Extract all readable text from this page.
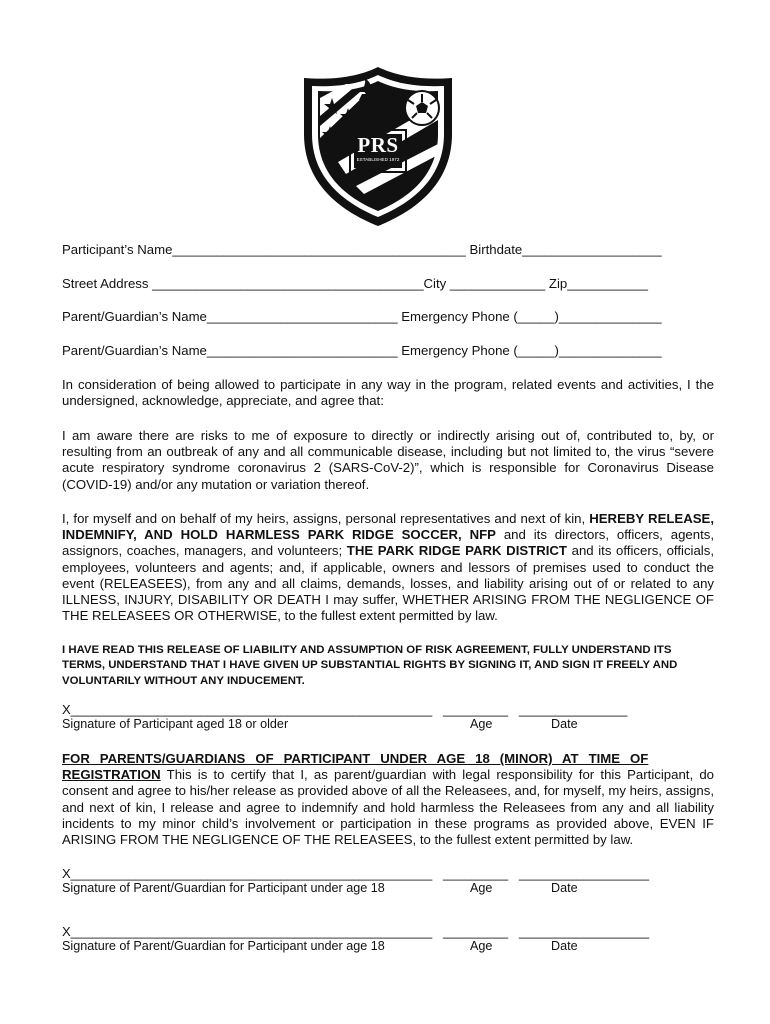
PRS
ESTABLISHED 1972
Participant’s Name________________________________________ Birthdate___________________
Street Address _____________________________________City _____________ Zip___________
Parent/Guardian’s Name__________________________ Emergency Phone (_____)______________
Parent/Guardian’s Name__________________________ Emergency Phone (_____)______________
In consideration of being allowed to participate in any way in the program, related events and activities, I the undersigned, acknowledge, appreciate, and agree that:
I am aware there are risks to me of exposure to directly or indirectly arising out of, contributed to, by, or resulting from an outbreak of any and all communicable disease, including but not limited to, the virus “severe acute respiratory syndrome coronavirus 2 (SARS-CoV-2)”, which is responsible for Coronavirus Disease (COVID-19) and/or any mutation or variation thereof.
I, for myself and on behalf of my heirs, assigns, personal representatives and next of kin, HEREBY RELEASE, INDEMNIFY, AND HOLD HARMLESS PARK RIDGE SOCCER, NFP and its directors, officers, agents, assignors, coaches, managers, and volunteers; THE PARK RIDGE PARK DISTRICT and its officers, officials, employees, volunteers and agents; and, if applicable, owners and lessors of premises used to conduct the event (RELEASEES), from any and all claims, demands, losses, and liability arising out of or related to any ILLNESS, INJURY, DISABILITY OR DEATH I may suffer, WHETHER ARISING FROM THE NEGLIGENCE OF THE RELEASEES OR OTHERWISE, to the fullest extent permitted by law.
I HAVE READ THIS RELEASE OF LIABILITY AND ASSUMPTION OF RISK AGREEMENT, FULLY UNDERSTAND ITS TERMS, UNDERSTAND THAT I HAVE GIVEN UP SUBSTANTIAL RIGHTS BY SIGNING IT, AND SIGN IT FREELY AND VOLUNTARILY WITHOUT ANY INDUCEMENT.
X__________________________________________________   _________   _______________
Signature of Participant aged 18 or older	Age	Date
FOR PARENTS/GUARDIANS OF PARTICIPANT UNDER AGE 18 (MINOR) AT TIME OF
REGISTRATION This is to certify that I, as parent/guardian with legal responsibility for this Participant, do consent and agree to his/her release as provided above of all the Releasees, and, for myself, my heirs, assigns, and next of kin, I release and agree to indemnify and hold harmless the Releasees from any and all liability incidents to my minor child’s involvement or participation in these programs as provided above, EVEN IF ARISING FROM THE NEGLIGENCE OF THE RELEASEES, to the fullest extent permitted by law.
X__________________________________________________   _________   __________________
Signature of Parent/Guardian for Participant under age 18	Age	Date
X__________________________________________________   _________   __________________
Signature of Parent/Guardian for Participant under age 18	Age	Date
